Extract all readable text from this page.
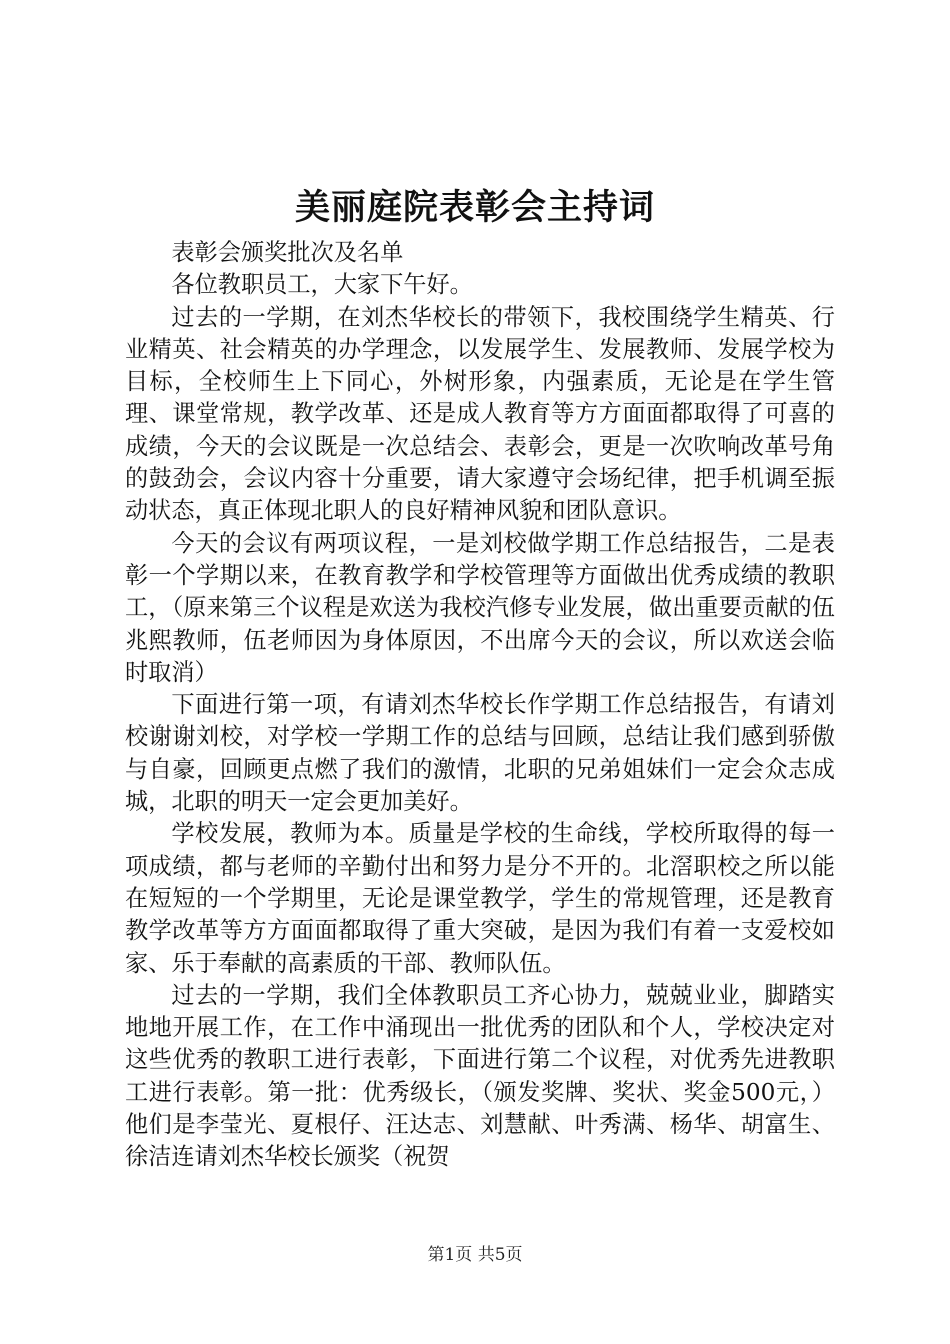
美丽庭院表彰会主持词

表彰会颁奖批次及名单

各位教职员工，大家下午好。

过去的一学期，在刘杰华校长的带领下，我校围绕学生精英、行业精英、社会精英的办学理念，以发展学生、发展教师、发展学校为目标，全校师生上下同心，外树形象，内强素质，无论是在学生管理、课堂常规，教学改革、还是成人教育等方方面面都取得了可喜的成绩，今天的会议既是一次总结会、表彰会，更是一次吹响改革号角的鼓劲会，会议内容十分重要，请大家遵守会场纪律，把手机调至振动状态，真正体现北职人的良好精神风貌和团队意识。

今天的会议有两项议程，一是刘校做学期工作总结报告，二是表彰一个学期以来，在教育教学和学校管理等方面做出优秀成绩的教职工，（原来第三个议程是欢送为我校汽修专业发展，做出重要贡献的伍兆熙教师，伍老师因为身体原因，不出席今天的会议，所以欢送会临时取消）

下面进行第一项，有请刘杰华校长作学期工作总结报告，有请刘校谢谢刘校，对学校一学期工作的总结与回顾，总结让我们感到骄傲与自豪，回顾更点燃了我们的激情，北职的兄弟姐妹们一定会众志成城，北职的明天一定会更加美好。

学校发展，教师为本。质量是学校的生命线，学校所取得的每一项成绩，都与老师的辛勤付出和努力是分不开的。北滘职校之所以能在短短的一个学期里，无论是课堂教学，学生的常规管理，还是教育教学改革等方方面面都取得了重大突破，是因为我们有着一支爱校如家、乐于奉献的高素质的干部、教师队伍。

过去的一学期，我们全体教职员工齐心协力，兢兢业业，脚踏实地地开展工作，在工作中涌现出一批优秀的团队和个人，学校决定对这些优秀的教职工进行表彰，下面进行第二个议程，对优秀先进教职工进行表彰。第一批：优秀级长，（颁发奖牌、奖状、奖金500元，）他们是李莹光、夏根仔、汪达志、刘慧献、叶秀满、杨华、胡富生、徐洁连请刘杰华校长颁奖（祝贺

第1页 共5页
